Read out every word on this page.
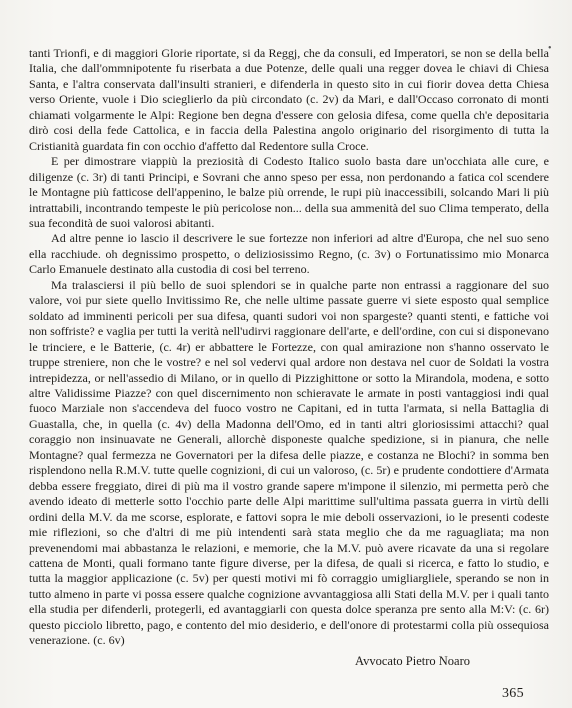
•

tanti Trionfi, e di maggiori Glorie riportate, si da Reggj, che da consuli, ed Imperatori, se non se della bella Italia, che dall'ommnipotente fu riserbata a due Potenze, delle quali una regger dovea le chiavi di Chiesa Santa, e l'altra conservata dall'insulti stranieri, e difenderla in questo sito in cui fiorir dovea detta Chiesa verso Oriente, vuole i Dio scieglierlo da più circondato (c. 2v) da Mari, e dall'Occaso corronato di monti chiamati volgarmente le Alpi: Regione ben degna d'essere con gelosia difesa, come quella ch'e depositaria dirò cosi della fede Cattolica, e in faccia della Palestina angolo originario del risorgimento di tutta la Cristianità guardata fin con occhio d'affetto dal Redentore sulla Croce.

E per dimostrare viappiù la preziosità di Codesto Italico suolo basta dare un'occhiata alle cure, e diligenze (c. 3r) di tanti Principi, e Sovrani che anno speso per essa, non perdonando a fatica col scendere le Montagne più fatticose dell'appenino, le balze più orrende, le rupi più inaccessibili, solcando Mari li più intrattabili, incontrando tempeste le più pericolose non... della sua ammenità del suo Clima temperato, della sua fecondità de suoi valorosi abitanti.

Ad altre penne io lascio il descrivere le sue fortezze non inferiori ad altre d'Europa, che nel suo seno ella racchiude. oh degnissimo prospetto, o deliziosissimo Regno, (c. 3v) o Fortunatissimo mio Monarca Carlo Emanuele destinato alla custodia di cosi bel terreno.

Ma tralasciersi il più bello de suoi splendori se in qualche parte non entrassi a raggionare del suo valore, voi pur siete quello Invitissimo Re, che nelle ultime passate guerre vi siete esposto qual semplice soldato ad imminenti pericoli per sua difesa, quanti sudori voi non spargeste? quanti stenti, e fattiche voi non soffriste? e vaglia per tutti la verità nell'udirvi raggionare dell'arte, e dell'ordine, con cui si disponevano le trinciere, e le Batterie, (c. 4r) er abbattere le Fortezze, con qual amirazione non s'hanno osservato le truppe streniere, non che le vostre? e nel sol vedervi qual ardore non destava nel cuor de Soldati la vostra intrepidezza, or nell'assedio di Milano, or in quello di Pizzighittone or sotto la Mirandola, modena, e sotto altre Validissime Piazze? con quel discernimento non schieravate le armate in posti vantaggiosi indi qual fuoco Marziale non s'accendeva del fuoco vostro ne Capitani, ed in tutta l'armata, si nella Battaglia di Guastalla, che, in quella (c. 4v) della Madonna dell'Omo, ed in tanti altri gloriosissimi attacchi? qual coraggio non insinuavate ne Generali, allorchè disponeste qualche spedizione, si in pianura, che nelle Montagne? qual fermezza ne Governatori per la difesa delle piazze, e costanza ne Blochi? in somma ben risplendono nella R.M.V. tutte quelle cognizioni, di cui un valoroso, (c. 5r) e prudente condottiere d'Armata debba essere freggiato, direi di più ma il vostro grande sapere m'impone il silenzio, mi permetta però che avendo ideato di metterle sotto l'occhio parte delle Alpi marittime sull'ultima passata guerra in virtù delli ordini della M.V. da me scorse, esplorate, e fattovi sopra le mie deboli osservazioni, io le presenti codeste mie riflezioni, so che d'altri di me più intendenti sarà stata meglio che da me raguagliata; ma non prevenendomi mai abbastanza le relazioni, e memorie, che la M.V. può avere ricavate da una si regolare cattena de Monti, quali formano tante figure diverse, per la difesa, de quali si ricerca, e fatto lo studio, e tutta la maggior applicazione (c. 5v) per questi motivi mi fò corraggio umigliargliele, sperando se non in tutto almeno in parte vi possa essere qualche cognizione avvantaggiosa alli Stati della M.V. per i quali tanto ella studia per difenderli, protegerli, ed avantaggiarli con questa dolce speranza pre sento alla M:V: (c. 6r) questo picciolo libretto, pago, e contento del mio desiderio, e dell'onore di protestarmi colla più ossequiosa venerazione. (c. 6v)

Avvocato Pietro Noaro
365
